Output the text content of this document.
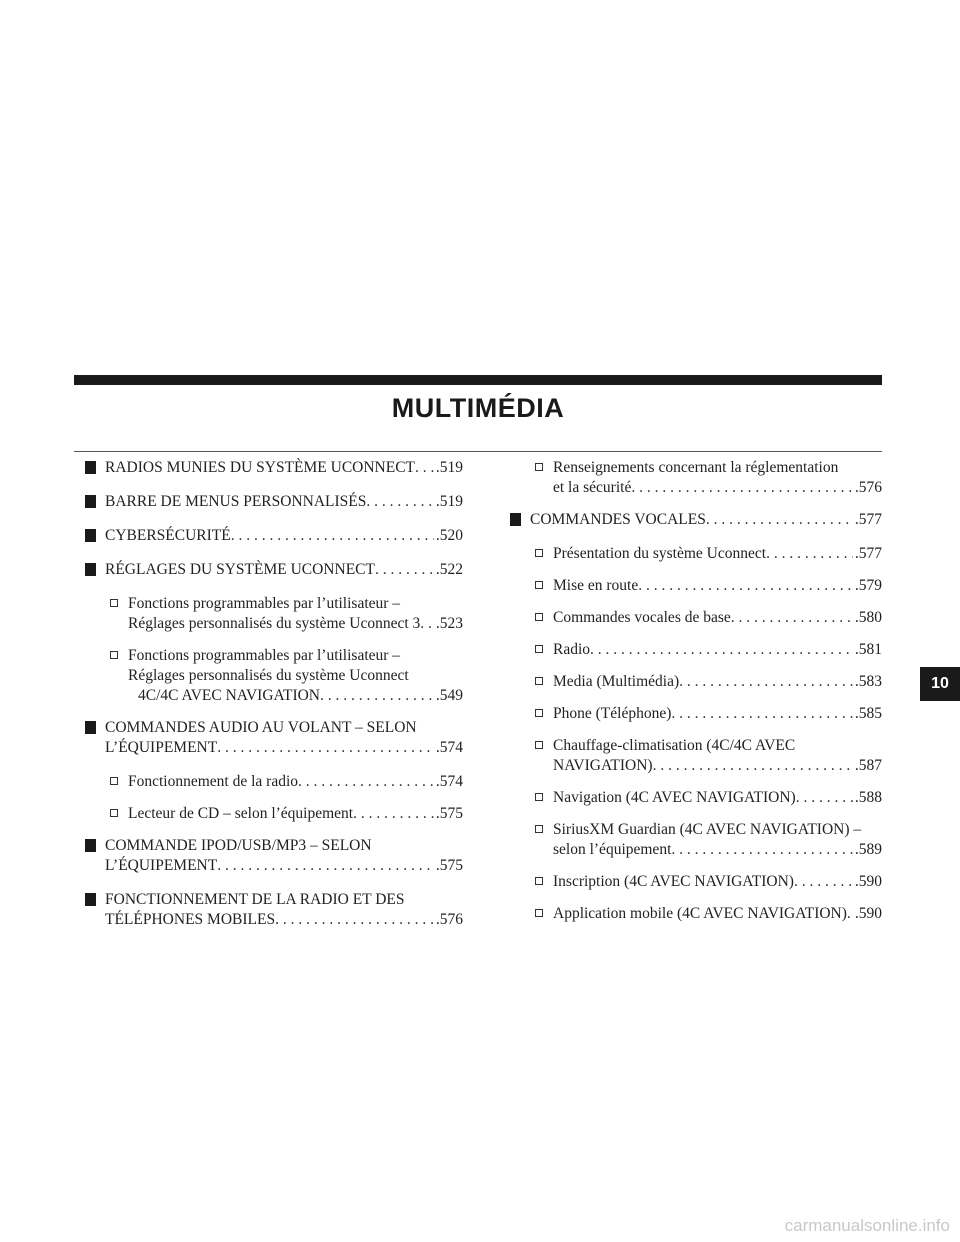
MULTIMÉDIA
RADIOS MUNIES DU SYSTÈME UCONNECT . . . .519
BARRE DE MENUS PERSONNALISÉS . . .	.519
CYBERSÉCURITÉ . . .	.520
RÉGLAGES DU SYSTÈME UCONNECT . . .	.522
Fonctions programmables par l’utilisateur –
Réglages personnalisés du système Uconnect 3 . . . .523
Fonctions programmables par l’utilisateur –
Réglages personnalisés du système Uconnect
4C/4C AVEC NAVIGATION . . .	.549
COMMANDES AUDIO AU VOLANT – SELON
L’ÉQUIPEMENT . . .	.574
Fonctionnement de la radio . . .	.574
Lecteur de CD – selon l’équipement . . .	.575
COMMANDE IPOD/USB/MP3 – SELON
L’ÉQUIPEMENT . . .	.575
FONCTIONNEMENT DE LA RADIO ET DES
TÉLÉPHONES MOBILES . . .	.576
Renseignements concernant la réglementation
et la sécurité . . .	.576
COMMANDES VOCALES . . .	.577
Présentation du système Uconnect . . .	.577
Mise en route . . .	.579
Commandes vocales de base . . .	.580
Radio . . .	.581
Media (Multimédia) . . .	.583
Phone (Téléphone) . . .	.585
Chauffage-climatisation (4C/4C AVEC
NAVIGATION) . . .	.587
Navigation (4C AVEC NAVIGATION) . . .	.588
SiriusXM Guardian (4C AVEC NAVIGATION) –
selon l’équipement . . .	.589
Inscription (4C AVEC NAVIGATION) . . .	.590
Application mobile (4C AVEC NAVIGATION) . . . .590
10
carmanualsonline.info
